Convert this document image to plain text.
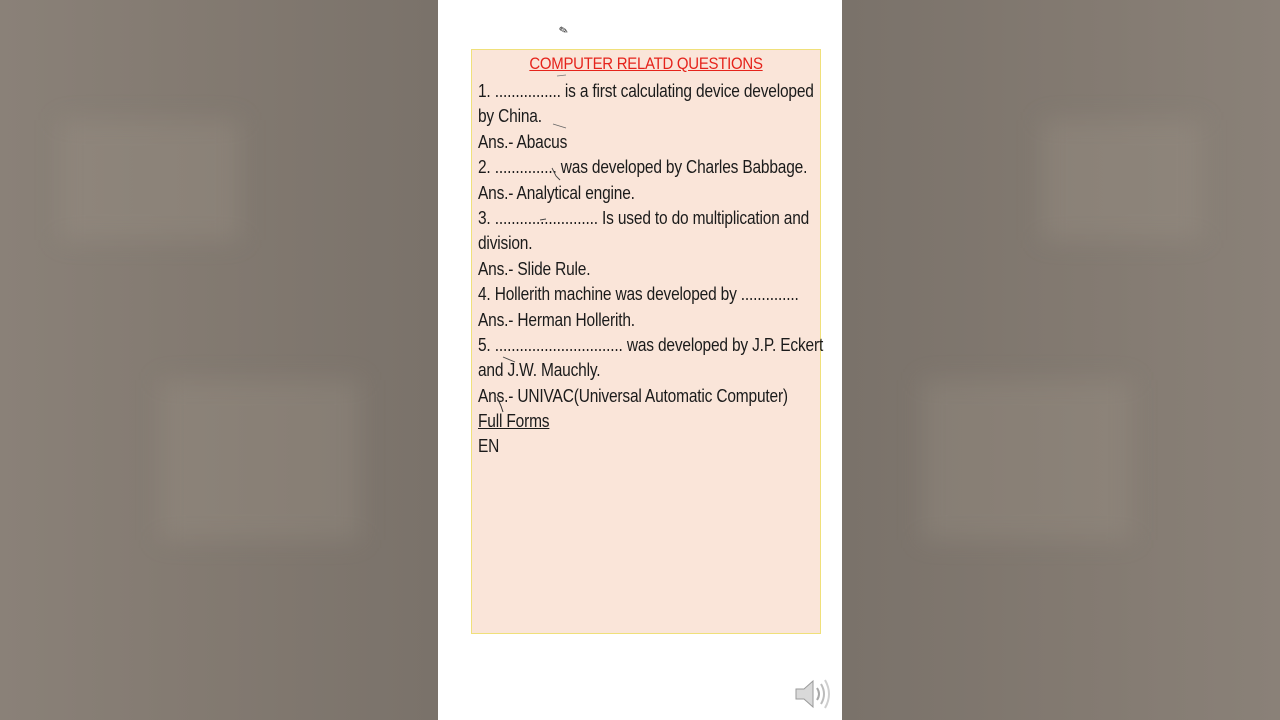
✎
COMPUTER RELATD QUESTIONS
1. ................ is a first calculating device developed
by China.
Ans.- Abacus
2. ............... was developed by Charles Babbage.
Ans.- Analytical engine.
3. ......................... Is used to do multiplication and
division.
Ans.- Slide Rule.
4. Hollerith machine was developed by ..............
Ans.- Herman Hollerith.
5. ............................... was developed by J.P. Eckert
and J.W. Mauchly.
Ans.- UNIVAC(Universal Automatic Computer)
Full Forms
EN
